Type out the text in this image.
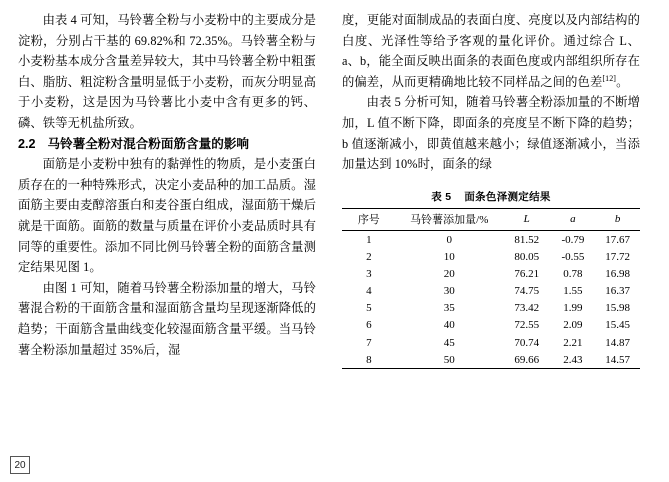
由表 4 可知，马铃薯全粉与小麦粉中的主要成分是淀粉，分别占干基的 69.82%和 72.35%。马铃薯全粉与小麦粉基本成分含量差异较大，其中马铃薯全粉中粗蛋白、脂肪、粗淀粉含量明显低于小麦粉，而灰分明显高于小麦粉，这是因为马铃薯比小麦中含有更多的钙、磷、铁等无机盐所致。

2.2 马铃薯全粉对混合粉面筋含量的影响

面筋是小麦粉中独有的黏弹性的物质，是小麦蛋白质存在的一种特殊形式，决定小麦品种的加工品质。湿面筋主要由麦醇溶蛋白和麦谷蛋白组成，湿面筋干燥后就是干面筋。面筋的数量与质量在评价小麦品质时具有同等的重要性。添加不同比例马铃薯全粉的面筋含量测定结果见图 1。

由图 1 可知，随着马铃薯全粉添加量的增大，马铃薯混合粉的干面筋含量和湿面筋含量均呈现逐渐降低的趋势；干面筋含量曲线变化较湿面筋含量平缓。当马铃薯全粉添加量超过 35%后，湿

度，更能对面制成品的表面白度、亮度以及内部结构的白度、光泽性等给予客观的量化评价。通过综合 L、a、b，能全面反映出面条的表面色度或内部组织所存在的偏差，从而更精确地比较不同样品之间的色差[12]。

由表 5 分析可知，随着马铃薯全粉添加量的不断增加，L 值不断下降，即面条的亮度呈不断下降的趋势；b 值逐渐减小，即黄值越来越小；绿值逐渐减小，当添加量达到 10%时，面条的绿

表 5 面条色泽测定结果
序号	马铃薯添加量/%	L	a	b
1	0	81.52	-0.79	17.67
2	10	80.05	-0.55	17.72
3	20	76.21	0.78	16.98
4	30	74.75	1.55	16.37
5	35	73.42	1.99	15.98
6	40	72.55	2.09	15.45
7	45	70.74	2.21	14.87
8	50	69.66	2.43	14.57
20
